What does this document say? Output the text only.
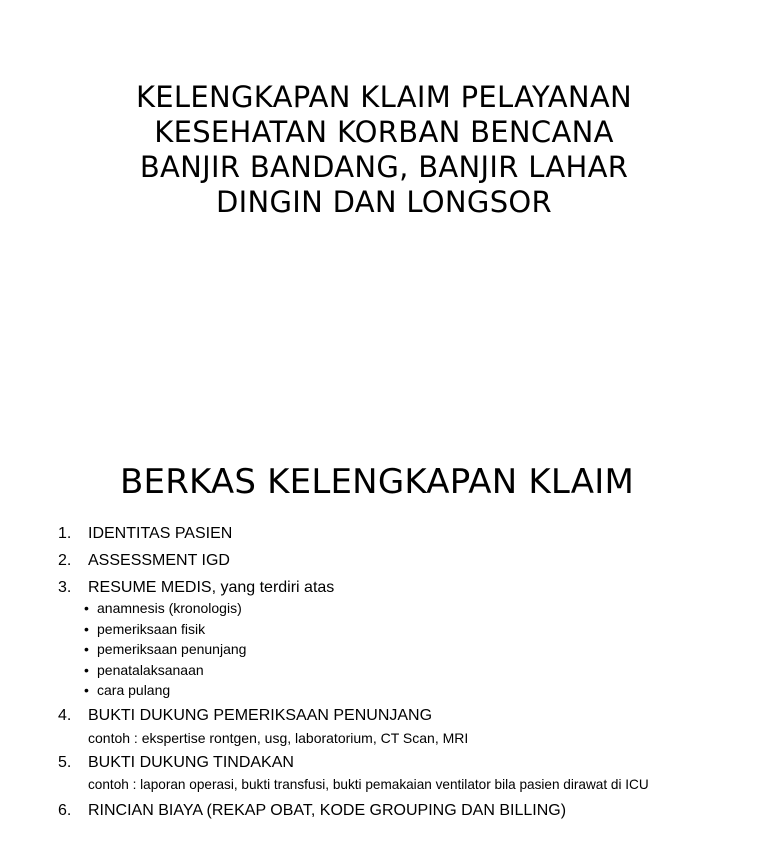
KELENGKAPAN KLAIM PELAYANAN
KESEHATAN KORBAN BENCANA
BANJIR BANDANG, BANJIR LAHAR
DINGIN DAN LONGSOR
BERKAS KELENGKAPAN KLAIM
1.	IDENTITAS PASIEN
2.	ASSESSMENT IGD
3.	RESUME MEDIS, yang terdiri atas
• anamnesis (kronologis)
• pemeriksaan fisik
• pemeriksaan penunjang
• penatalaksanaan
• cara pulang
4.	BUKTI DUKUNG PEMERIKSAAN PENUNJANG
contoh : ekspertise rontgen, usg, laboratorium, CT Scan, MRI
5.	BUKTI DUKUNG TINDAKAN
contoh : laporan operasi, bukti transfusi, bukti pemakaian ventilator bila pasien dirawat di ICU
6.	RINCIAN BIAYA (REKAP OBAT, KODE GROUPING DAN BILLING)
